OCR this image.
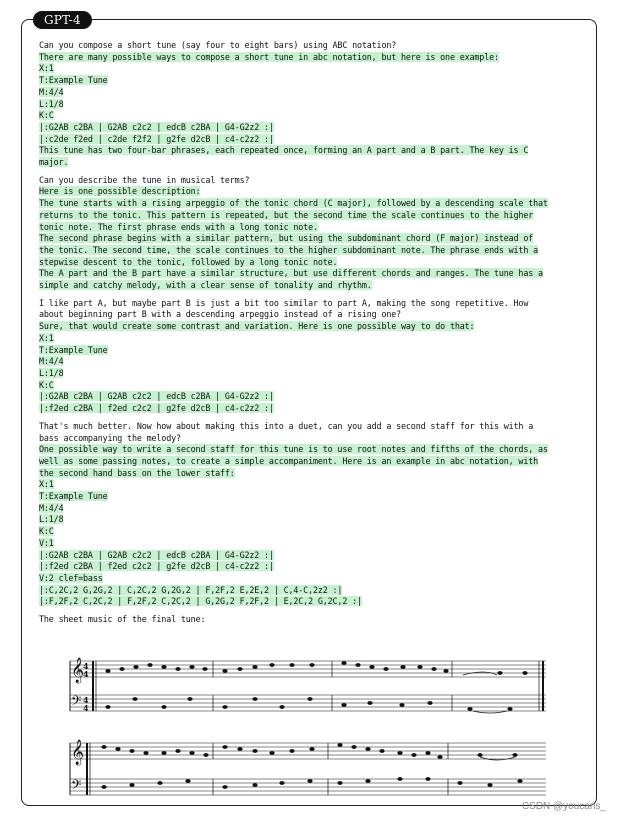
GPT-4
Can you compose a short tune (say four to eight bars) using ABC notation?
There are many possible ways to compose a short tune in abc notation, but here is one example:
X:1
T:Example Tune
M:4/4
L:1/8
K:C
|:G2AB c2BA | G2AB c2c2 | edcB c2BA | G4-G2z2 :|
|:c2de f2ed | c2de f2f2 | g2fe d2cB | c4-c2z2 :|
This tune has two four-bar phrases, each repeated once, forming an A part and a B part. The key is C
major.
Can you describe the tune in musical terms?
Here is one possible description:
The tune starts with a rising arpeggio of the tonic chord (C major), followed by a descending scale that
returns to the tonic. This pattern is repeated, but the second time the scale continues to the higher
tonic note. The first phrase ends with a long tonic note.
The second phrase begins with a similar pattern, but using the subdominant chord (F major) instead of
the tonic. The second time, the scale continues to the higher subdominant note. The phrase ends with a
stepwise descent to the tonic, followed by a long tonic note.
The A part and the B part have a similar structure, but use different chords and ranges. The tune has a
simple and catchy melody, with a clear sense of tonality and rhythm.
I like part A, but maybe part B is just a bit too similar to part A, making the song repetitive. How
about beginning part B with a descending arpeggio instead of a rising one?
Sure, that would create some contrast and variation. Here is one possible way to do that:
X:1
T:Example Tune
M:4/4
L:1/8
K:C
|:G2AB c2BA | G2AB c2c2 | edcB c2BA | G4-G2z2 :|
|:f2ed c2BA | f2ed c2c2 | g2fe d2cB | c4-c2z2 :|
That's much better. Now how about making this into a duet, can you add a second staff for this with a
bass accompanying the melody?
One possible way to write a second staff for this tune is to use root notes and fifths of the chords, as
well as some passing notes, to create a simple accompaniment. Here is an example in abc notation, with
the second hand bass on the lower staff:
X:1
T:Example Tune
M:4/4
L:1/8
K:C
V:1
|:G2AB c2BA | G2AB c2c2 | edcB c2BA | G4-G2z2 :|
|:f2ed c2BA | f2ed c2c2 | g2fe d2cB | c4-c2z2 :|
V:2 clef=bass
|:C,2C,2 G,2G,2 | C,2C,2 G,2G,2 | F,2F,2 E,2E,2 | C,4-C,2z2 :|
|:F,2F,2 C,2C,2 | F,2F,2 C,2C,2 | G,2G,2 F,2F,2 | E,2C,2 G,2C,2 :|
The sheet music of the final tune:
𝄞
𝄢
4
4
4
4
𝄞
𝄢
CSDN @youcans_
